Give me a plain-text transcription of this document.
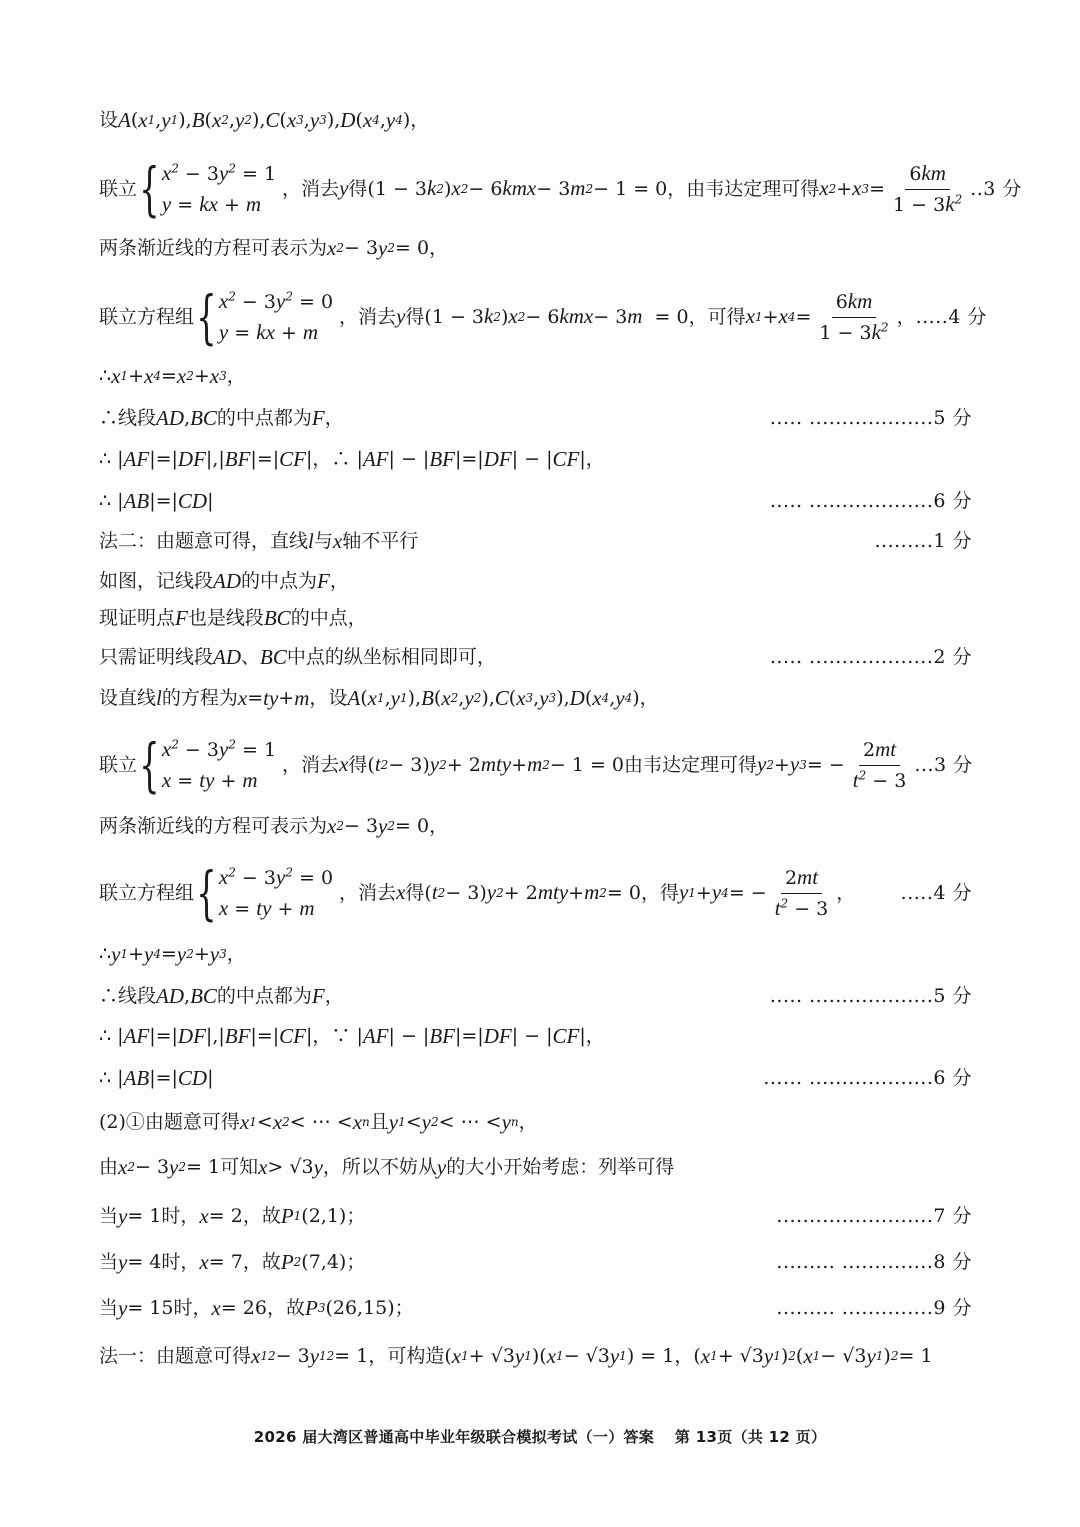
设 A ( x 1 , y 1 ), B ( x 2 , y 2 ), C ( x 3 , y 3 ), D ( x 4 , y 4 ) ，
联立 { $x^2 - 3y^2 = 1$
y = kx + m
，消去 y 得 (1 − 3 k 2 ) x 2 − 6 kmx − 3 m 2 − 1 = 0 ，由韦达定理可得 x 2 + x $3 = \frac{6km}{1 - 3k^2} ..3$ 分
两条渐近线的方程可表示为 x 2 − 3 y 2 = 0 ，
联立方程组 { $x^2 - 3y^2 = 0$
y = kx + m
，消去 y 得 (1 − 3 k 2 ) x 2 − 6 kmx − 3 m = 0 ，可得 x 1 + x $4 = \frac{6km}{1 - 3k^2}$ ， .....4 分
∴ x 1 + x 4 = x 2 + x 3 ，
∴线段 AD , BC 的中点都为 F ，	..... ...................5 分
∴ | AF |=| DF |,| BF |=| CF | ，∴ | AF | − | BF |=| DF | − | CF | ，
∴ | AB |=| CD |	..... ...................6 分
法二：由题意可得，直线 l 与 x 轴不平行	.........1 分
如图，记线段 AD 的中点为 F ，
现证明点 F 也是线段 BC 的中点，
只需证明线段 AD 、 BC 中点的纵坐标相同即可，	..... ...................2 分
设直线 l 的方程为 x = ty + m ，设 A ( x 1 , y 1 ), B ( x 2 , y 2 ), C ( x 3 , y 3 ), D ( x 4 , y 4 ) ，
联立 { $x^2 - 3y^2 = 1$
x = ty + m
，消去 x 得 ( t 2 − 3) y 2 + 2 mty + m 2 − 1 = 0 由韦达定理可得 y 2 + y 3 = − $\frac{2mt}{t^2 - 3} ...3$ 分
两条渐近线的方程可表示为 x 2 − 3 y 2 = 0 ，
联立方程组 { $x^2 - 3y^2 = 0$
x = ty + m
，消去 x 得 ( t 2 − 3) y 2 + 2 mty + m 2 = 0 ，得 y 1 + y 4 = − $\frac{2mt}{t^2 - 3}$ ， .....4 分
∴ y 1 + y 4 = y 2 + y 3 ，
∴线段 AD , BC 的中点都为 F ，	..... ...................5 分
∴ | AF |=| DF |,| BF |=| CF | ，∵ | AF | − | BF |=| DF | − | CF | ，
∴ | AB |=| CD |	...... ...................6 分
(2)①由题意可得 x 1 < x 2 < ⋯ < x n 且 y 1 < y 2 < ⋯ < y n ，
由 x 2 − 3 y 2 = 1 可知 x > √3 y ，所以不妨从 y 的大小开始考虑：列举可得
当 y = 1 时， x = 2 ，故 P 1 (2,1) ；	........................7 分
当 y = 4 时， x = 7 ，故 P 2 (7,4) ；	......... ..............8 分
当 y = 15 时， x = 26 ，故 P 3 (26,15) ；	......... ..............9 分
法一：由题意可得 x 1 2 − 3 y 1 2 = 1 ，可构造 ( x 1 + √3 y 1 )( x 1 − √3 y 1 ) = 1 ， ( x 1 + √3 y 1 ) 2 ( x 1 − √3 y 1 ) 2 = 1
2026 届大湾区普通高中毕业年级联合模拟考试（一）答案　 第 13页（共 12 页）
